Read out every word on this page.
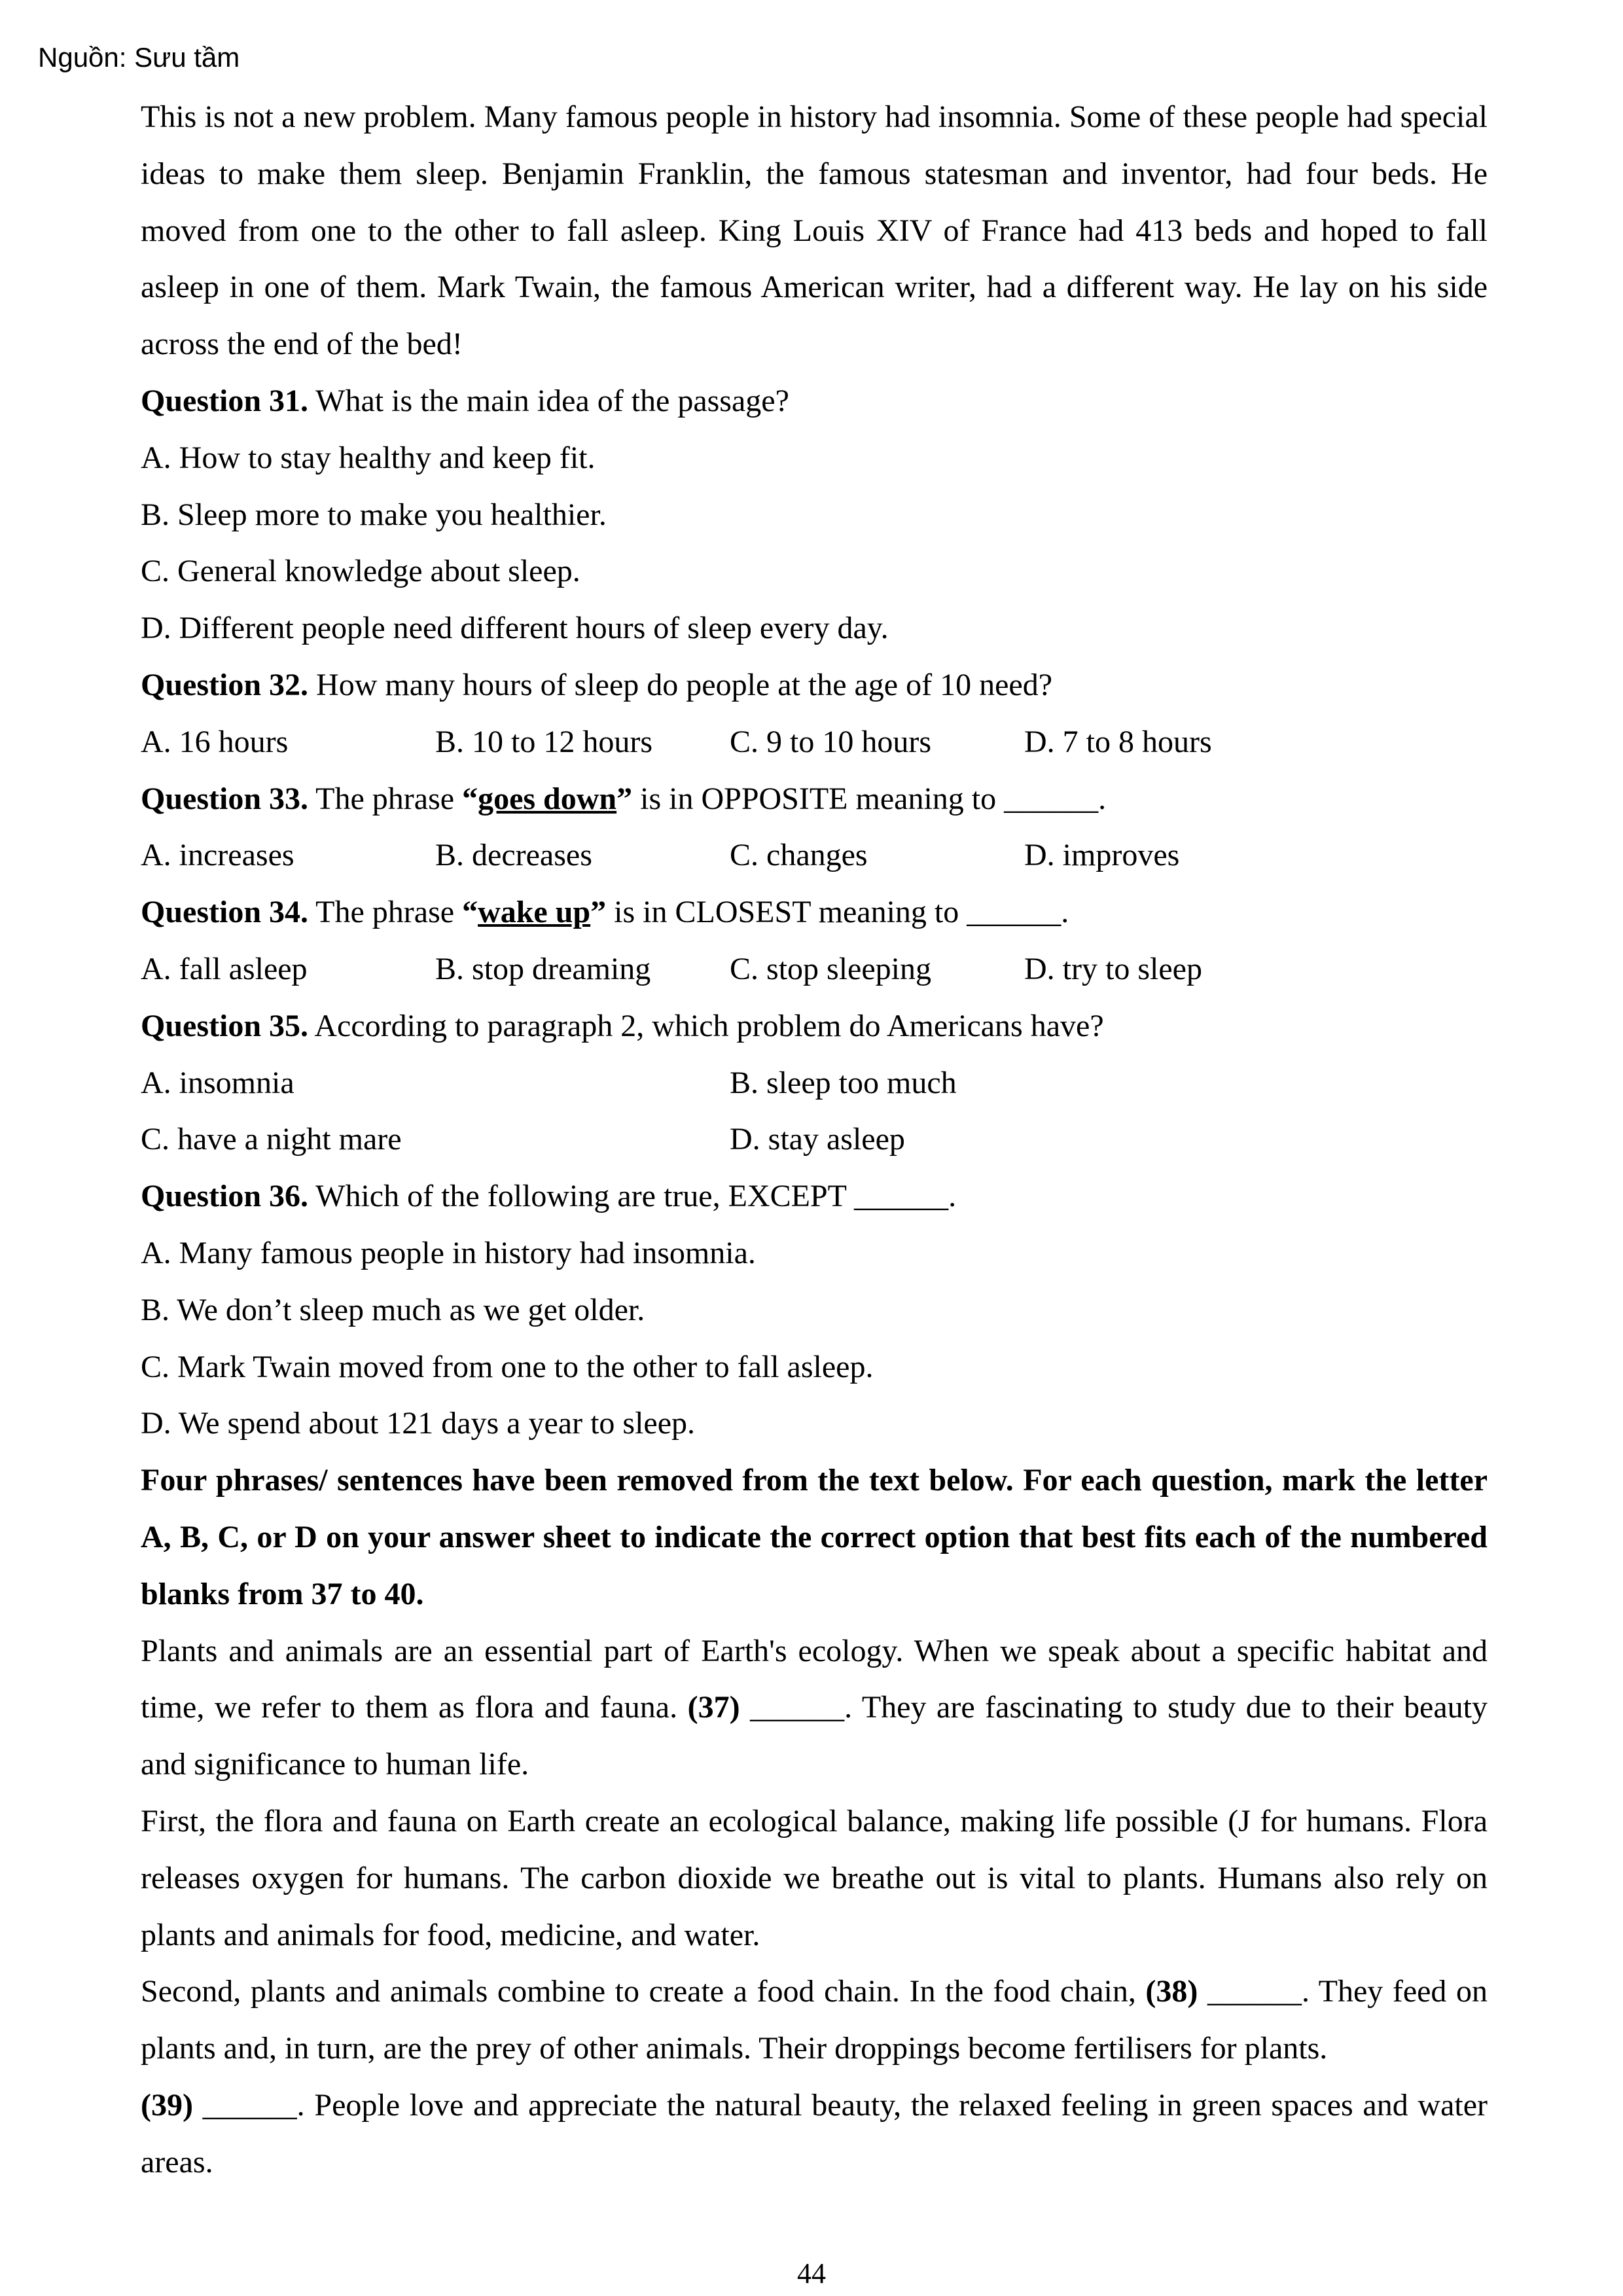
Nguồn: Sưu tầm
This is not a new problem. Many famous people in history had insomnia. Some of these people had special ideas to make them sleep. Benjamin Franklin, the famous statesman and inventor, had four beds. He moved from one to the other to fall asleep. King Louis XIV of France had 413 beds and hoped to fall asleep in one of them. Mark Twain, the famous American writer, had a different way. He lay on his side across the end of the bed!
Question 31. What is the main idea of the passage?
A. How to stay healthy and keep fit.
B. Sleep more to make you healthier.
C. General knowledge about sleep.
D. Different people need different hours of sleep every day.
Question 32. How many hours of sleep do people at the age of 10 need?
A. 16 hours	B. 10 to 12 hours	C. 9 to 10 hours	D. 7 to 8 hours
Question 33. The phrase “goes down” is in OPPOSITE meaning to ______.
A. increases	B. decreases	C. changes	D. improves
Question 34. The phrase “wake up” is in CLOSEST meaning to ______.
A. fall asleep	B. stop dreaming	C. stop sleeping	D. try to sleep
Question 35. According to paragraph 2, which problem do Americans have?
A. insomnia	B. sleep too much
C. have a night mare	D. stay asleep
Question 36. Which of the following are true, EXCEPT ______.
A. Many famous people in history had insomnia.
B. We don’t sleep much as we get older.
C. Mark Twain moved from one to the other to fall asleep.
D. We spend about 121 days a year to sleep.
Four phrases/ sentences have been removed from the text below. For each question, mark the letter A, B, C, or D on your answer sheet to indicate the correct option that best fits each of the numbered blanks from 37 to 40.
Plants and animals are an essential part of Earth's ecology. When we speak about a specific habitat and time, we refer to them as flora and fauna. (37) ______. They are fascinating to study due to their beauty and significance to human life.
First, the flora and fauna on Earth create an ecological balance, making life possible (J for humans. Flora releases oxygen for humans. The carbon dioxide we breathe out is vital to plants. Humans also rely on plants and animals for food, medicine, and water.
Second, plants and animals combine to create a food chain. In the food chain, (38) ______. They feed on plants and, in turn, are the prey of other animals. Their droppings become fertilisers for plants.
(39) ______. People love and appreciate the natural beauty, the relaxed feeling in green spaces and water areas.
44
